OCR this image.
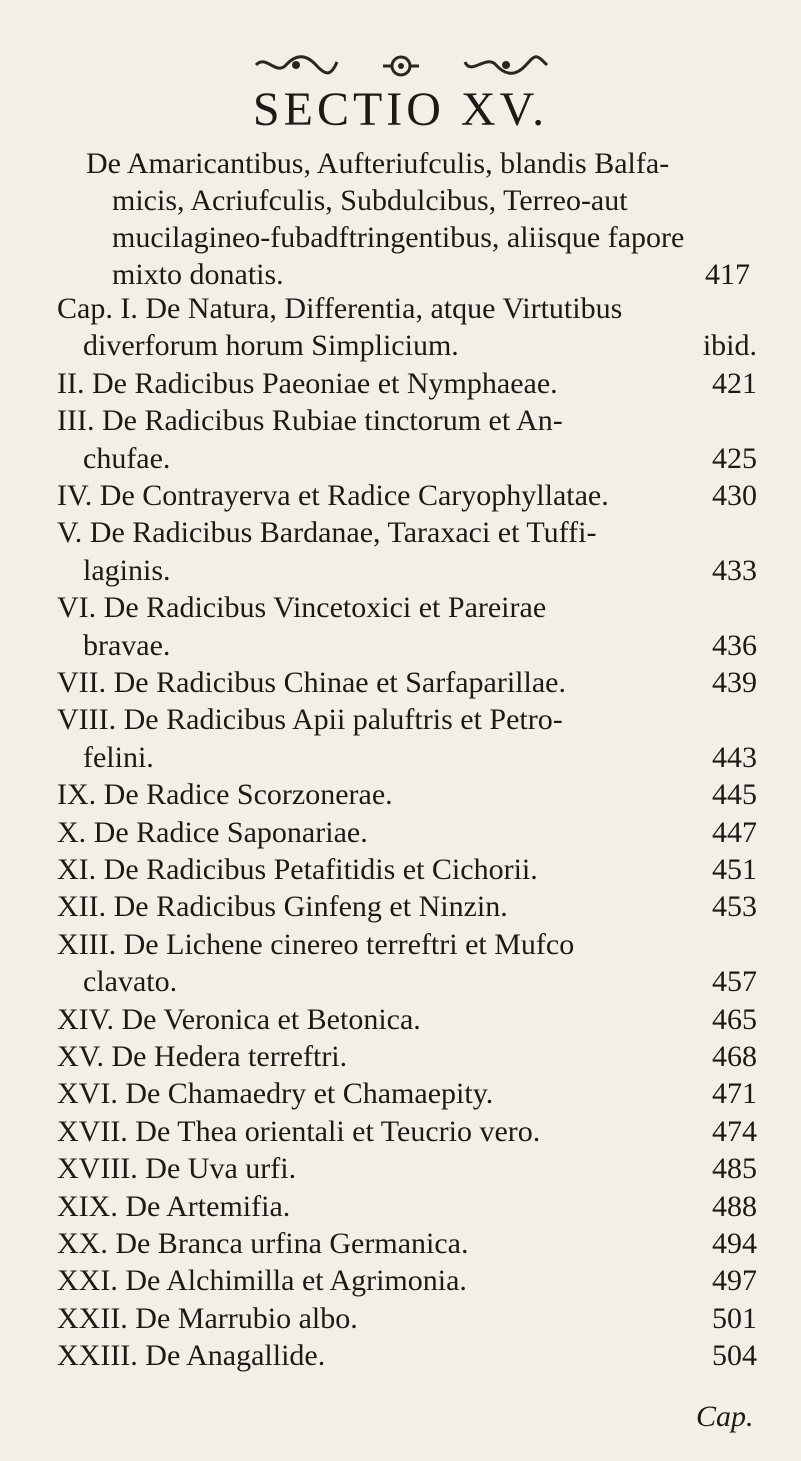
SECTIO XV.
De Amaricantibus, Aufteriufculis, blandis Balfa-
micis, Acriufculis, Subdulcibus, Terreo-aut
mucilagineo-fubadftringentibus, aliisque fapore
mixto donatis.	417
Cap. I. De Natura, Differentia, atque Virtutibus
diverforum horum Simplicium.	ibid.
II. De Radicibus Paeoniae et Nymphaeae.	421
III. De Radicibus Rubiae tinctorum et An-
chufae.	425
IV. De Contrayerva et Radice Caryophyllatae.	430
V. De Radicibus Bardanae, Taraxaci et Tuffi-
laginis.	433
VI. De Radicibus Vincetoxici et Pareirae
bravae.	436
VII. De Radicibus Chinae et Sarfaparillae.	439
VIII. De Radicibus Apii paluftris et Petro-
felini.	443
IX. De Radice Scorzonerae.	445
X. De Radice Saponariae.	447
XI. De Radicibus Petafitidis et Cichorii.	451
XII. De Radicibus Ginfeng et Ninzin.	453
XIII. De Lichene cinereo terreftri et Mufco
clavato.	457
XIV. De Veronica et Betonica.	465
XV. De Hedera terreftri.	468
XVI. De Chamaedry et Chamaepity.	471
XVII. De Thea orientali et Teucrio vero.	474
XVIII. De Uva urfi.	485
XIX. De Artemifia.	488
XX. De Branca urfina Germanica.	494
XXI. De Alchimilla et Agrimonia.	497
XXII. De Marrubio albo.	501
XXIII. De Anagallide.	504
Cap.
